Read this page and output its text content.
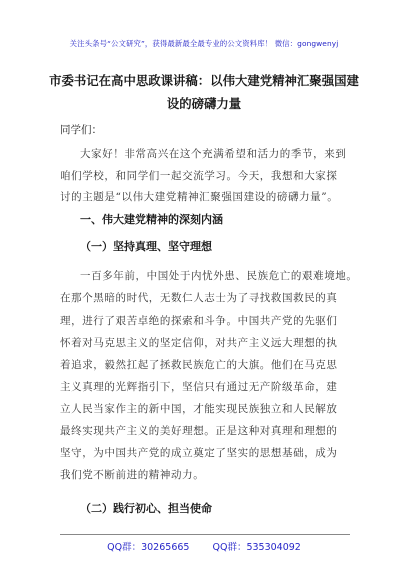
关注头条号“公文研究”，获得最新最全最专业的公文资料库！ 微信：gongwenyj
市委书记在高中思政课讲稿：以伟大建党精神汇聚强国建
设的磅礴力量
同学们：
大家好！非常高兴在这个充满希望和活力的季节，来到
咱们学校，和同学们一起交流学习。今天，我想和大家探
讨的主题是“以伟大建党精神汇聚强国建设的磅礴力量”。
一、伟大建党精神的深刻内涵
（一）坚持真理、坚守理想
一百多年前，中国处于内忧外患、民族危亡的艰难境地。
在那个黑暗的时代，无数仁人志士为了寻找救国救民的真
理，进行了艰苦卓绝的探索和斗争。中国共产党的先驱们
怀着对马克思主义的坚定信仰，对共产主义远大理想的执
着追求，毅然扛起了拯救民族危亡的大旗。他们在马克思
主义真理的光辉指引下，坚信只有通过无产阶级革命，建
立人民当家作主的新中国，才能实现民族独立和人民解放
最终实现共产主义的美好理想。正是这种对真理和理想的
坚守，为中国共产党的成立奠定了坚实的思想基础，成为
我们党不断前进的精神动力。
（二）践行初心、担当使命
QQ群：30265665 QQ群：535304092
